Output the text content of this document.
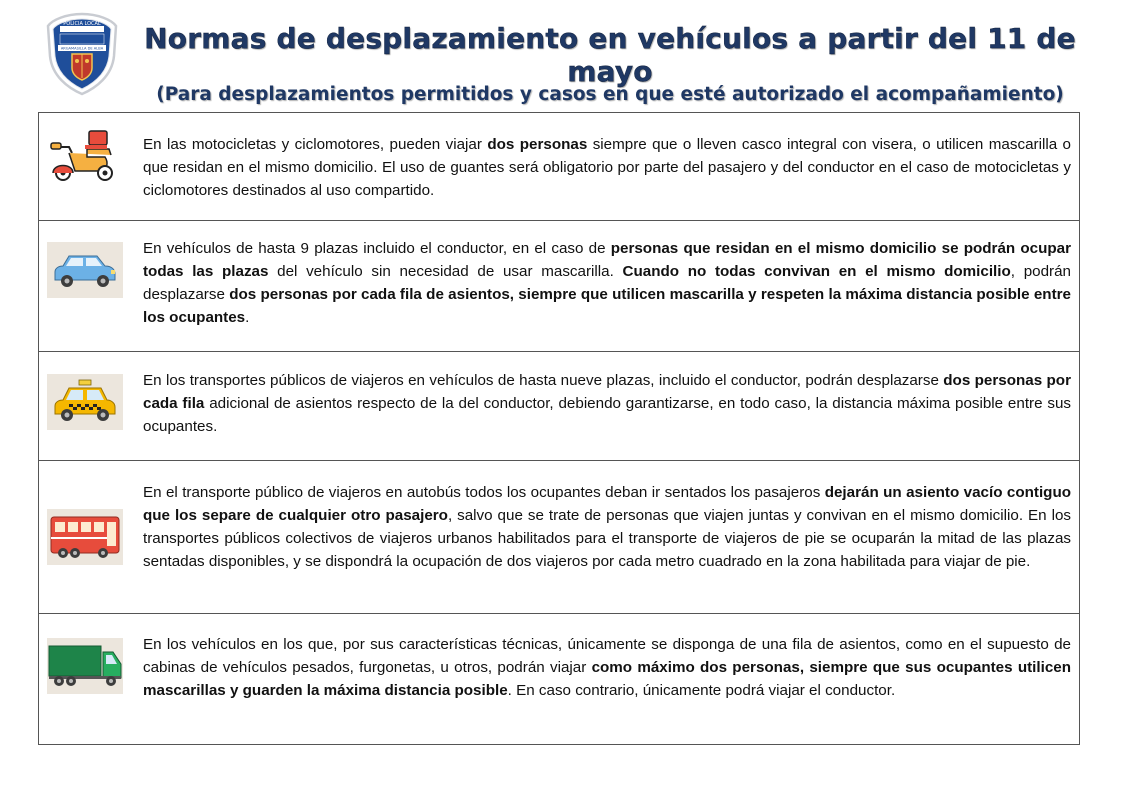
POLICIA LOCAL
ARGAMASILLA DE ALBA Normas de desplazamiento en vehículos a partir del 11 de mayo

(Para desplazamientos permitidos y casos en que esté autorizado el acompañamiento)

En las motocicletas y ciclomotores, pueden viajar dos personas siempre que o lleven casco integral con visera, o utilicen mascarilla o que residan en el mismo domicilio. El uso de guantes será obligatorio por parte del pasajero y del conductor en el caso de motocicletas y ciclomotores destinados al uso compartido.

En vehículos de hasta 9 plazas incluido el conductor, en el caso de personas que residan en el mismo domicilio se podrán ocupar todas las plazas del vehículo sin necesidad de usar mascarilla. Cuando no todas convivan en el mismo domicilio, podrán desplazarse dos personas por cada fila de asientos, siempre que utilicen mascarilla y respeten la máxima distancia posible entre los ocupantes.

En los transportes públicos de viajeros en vehículos de hasta nueve plazas, incluido el conductor, podrán desplazarse dos personas por cada fila adicional de asientos respecto de la del conductor, debiendo garantizarse, en todo caso, la distancia máxima posible entre sus ocupantes.

En el transporte público de viajeros en autobús todos los ocupantes deban ir sentados los pasajeros dejarán un asiento vacío contiguo que los separe de cualquier otro pasajero, salvo que se trate de personas que viajen juntas y convivan en el mismo domicilio. En los transportes públicos colectivos de viajeros urbanos habilitados para el transporte de viajeros de pie se ocuparán la mitad de las plazas sentadas disponibles, y se dispondrá la ocupación de dos viajeros por cada metro cuadrado en la zona habilitada para viajar de pie.

En los vehículos en los que, por sus características técnicas, únicamente se disponga de una fila de asientos, como en el supuesto de cabinas de vehículos pesados, furgonetas, u otros, podrán viajar como máximo dos personas, siempre que sus ocupantes utilicen mascarillas y guarden la máxima distancia posible. En caso contrario, únicamente podrá viajar el conductor.
